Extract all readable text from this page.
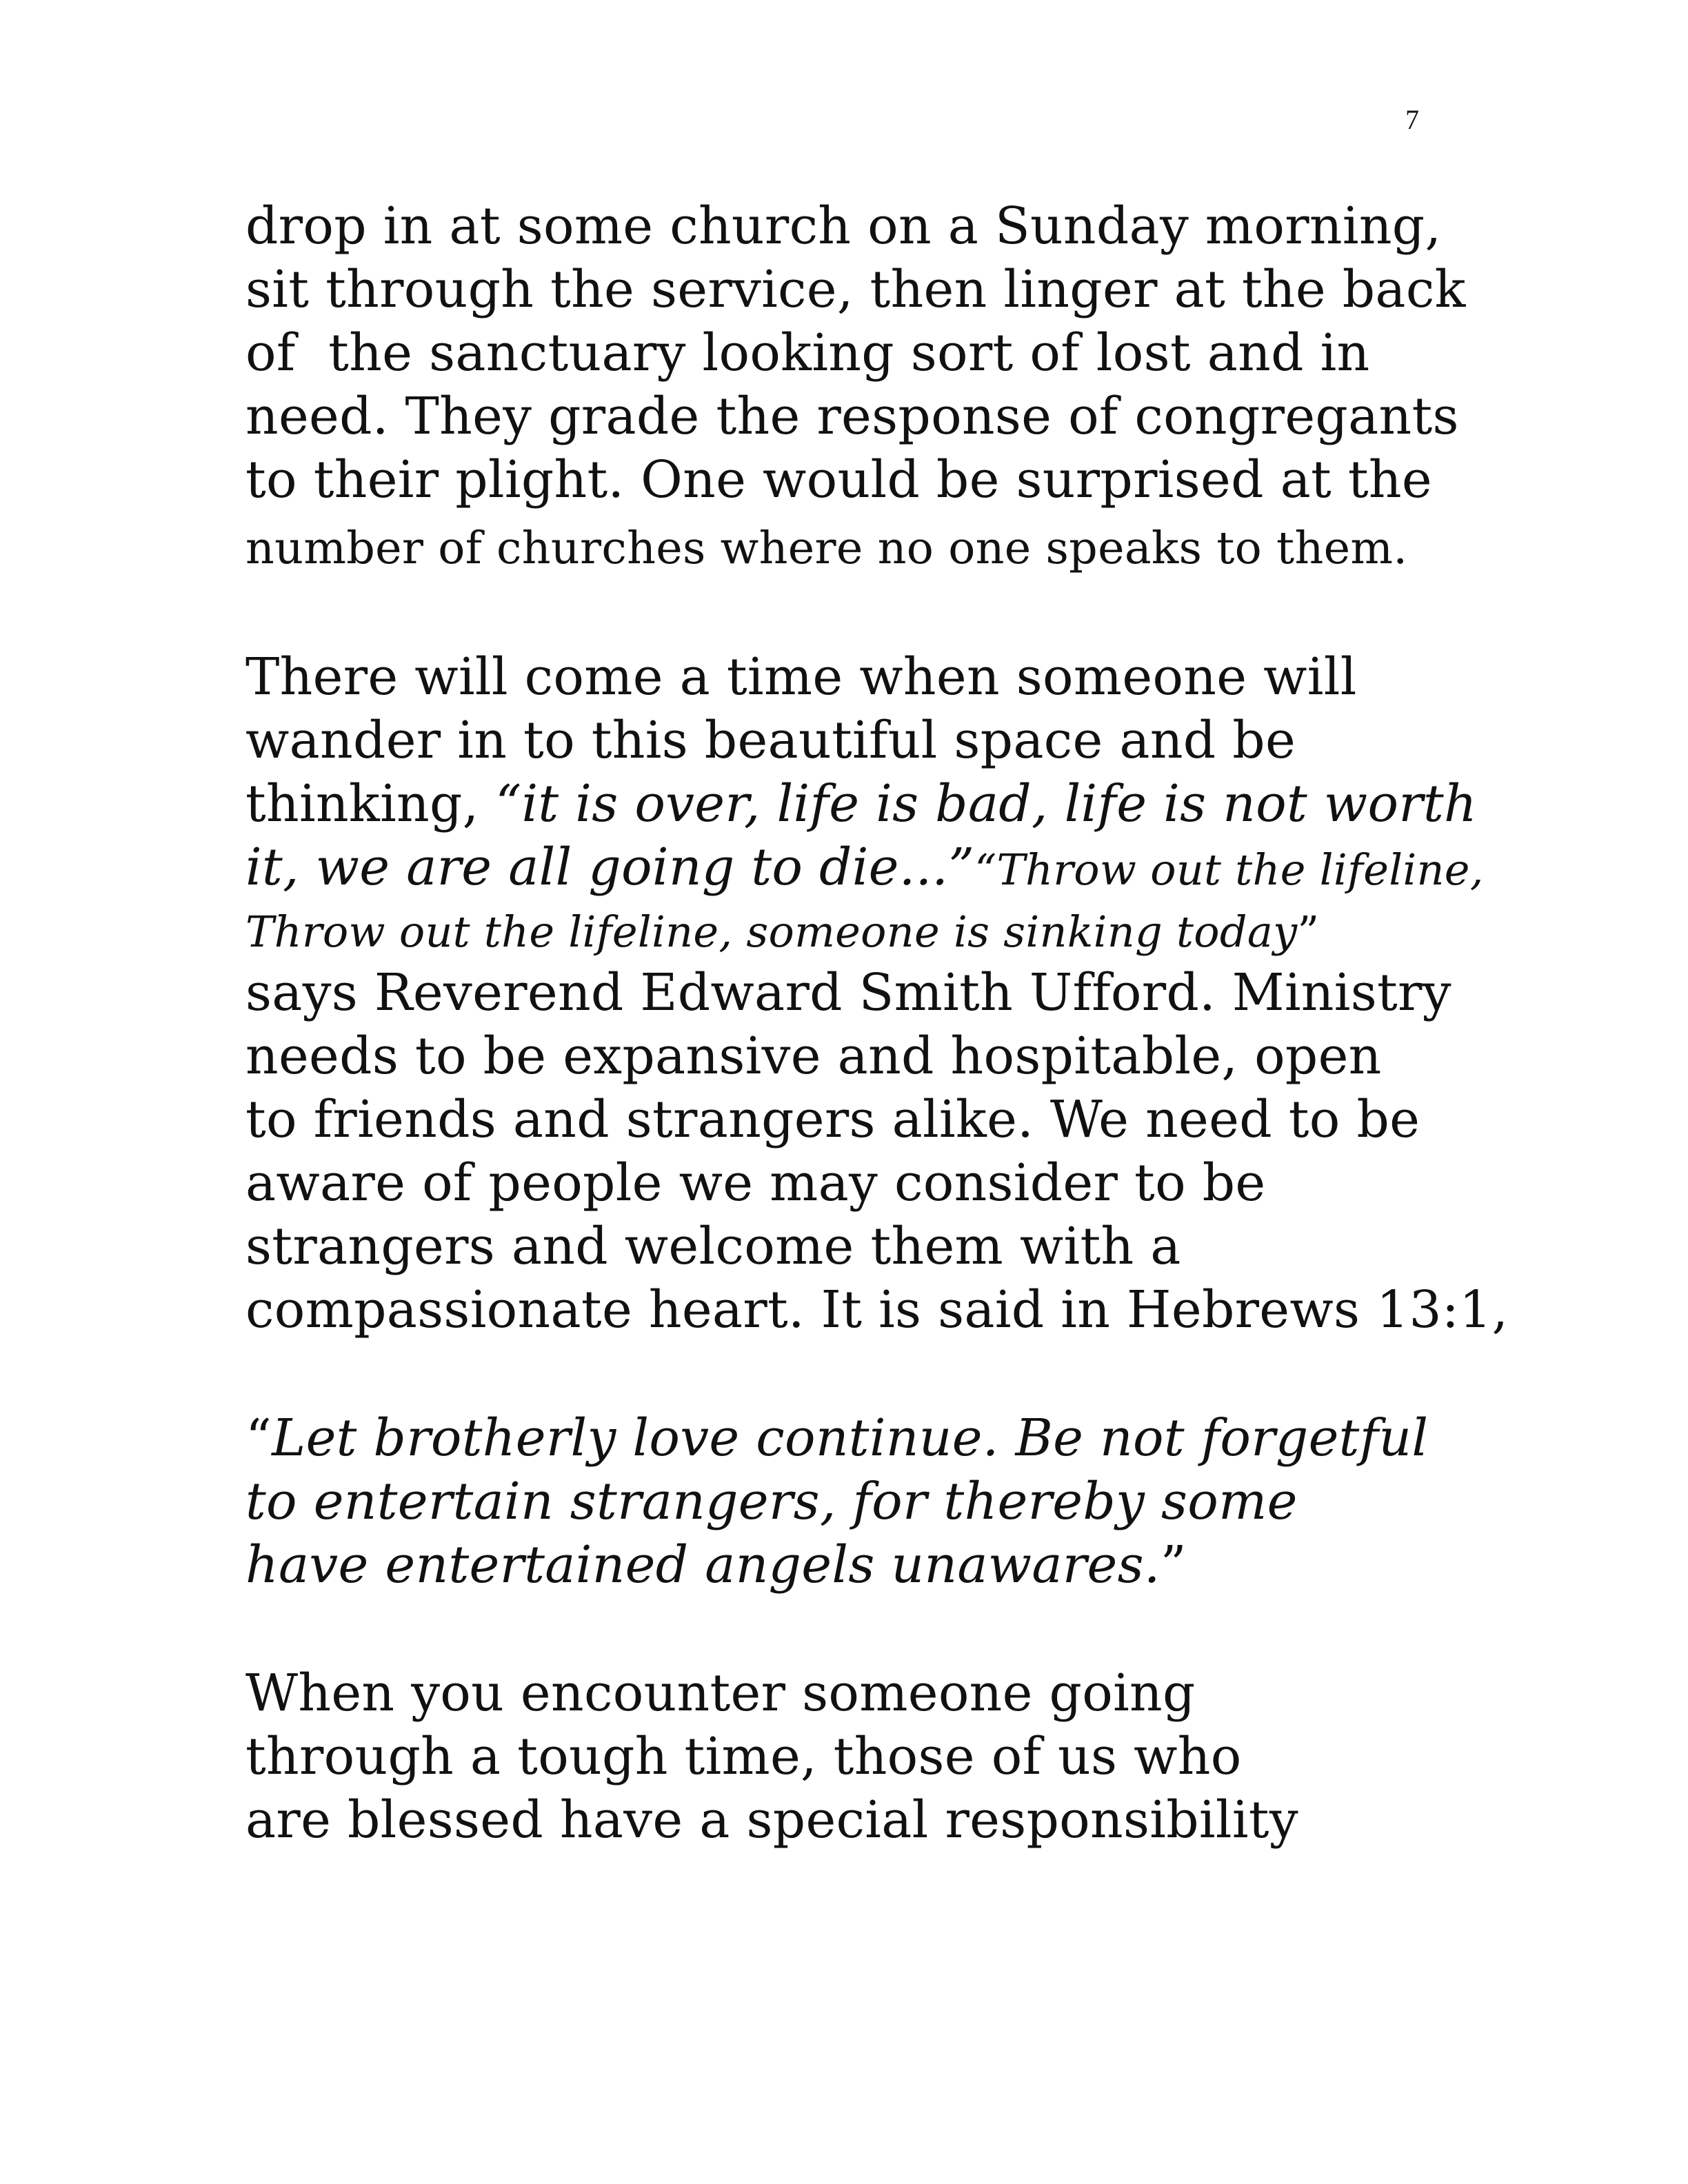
7
drop in at some church on a Sunday morning,
sit through the service, then linger at the back
of  the sanctuary looking sort of lost and in
need. They grade the response of congregants
to their plight. One would be surprised at the
number of churches where no one speaks to them.
There will come a time when someone will
wander in to this beautiful space and be
thinking, “it is over, life is bad, life is not worth
it, we are all going to die...”“Throw out the lifeline,
Throw out the lifeline, someone is sinking today”
says Reverend Edward Smith Ufford. Ministry
needs to be expansive and hospitable, open
to friends and strangers alike. We need to be
aware of people we may consider to be
strangers and welcome them with a
compassionate heart. It is said in Hebrews 13:1,
“Let brotherly love continue. Be not forgetful
to entertain strangers, for thereby some
have entertained angels unawares.”
When you encounter someone going
through a tough time, those of us who
are blessed have a special responsibility
